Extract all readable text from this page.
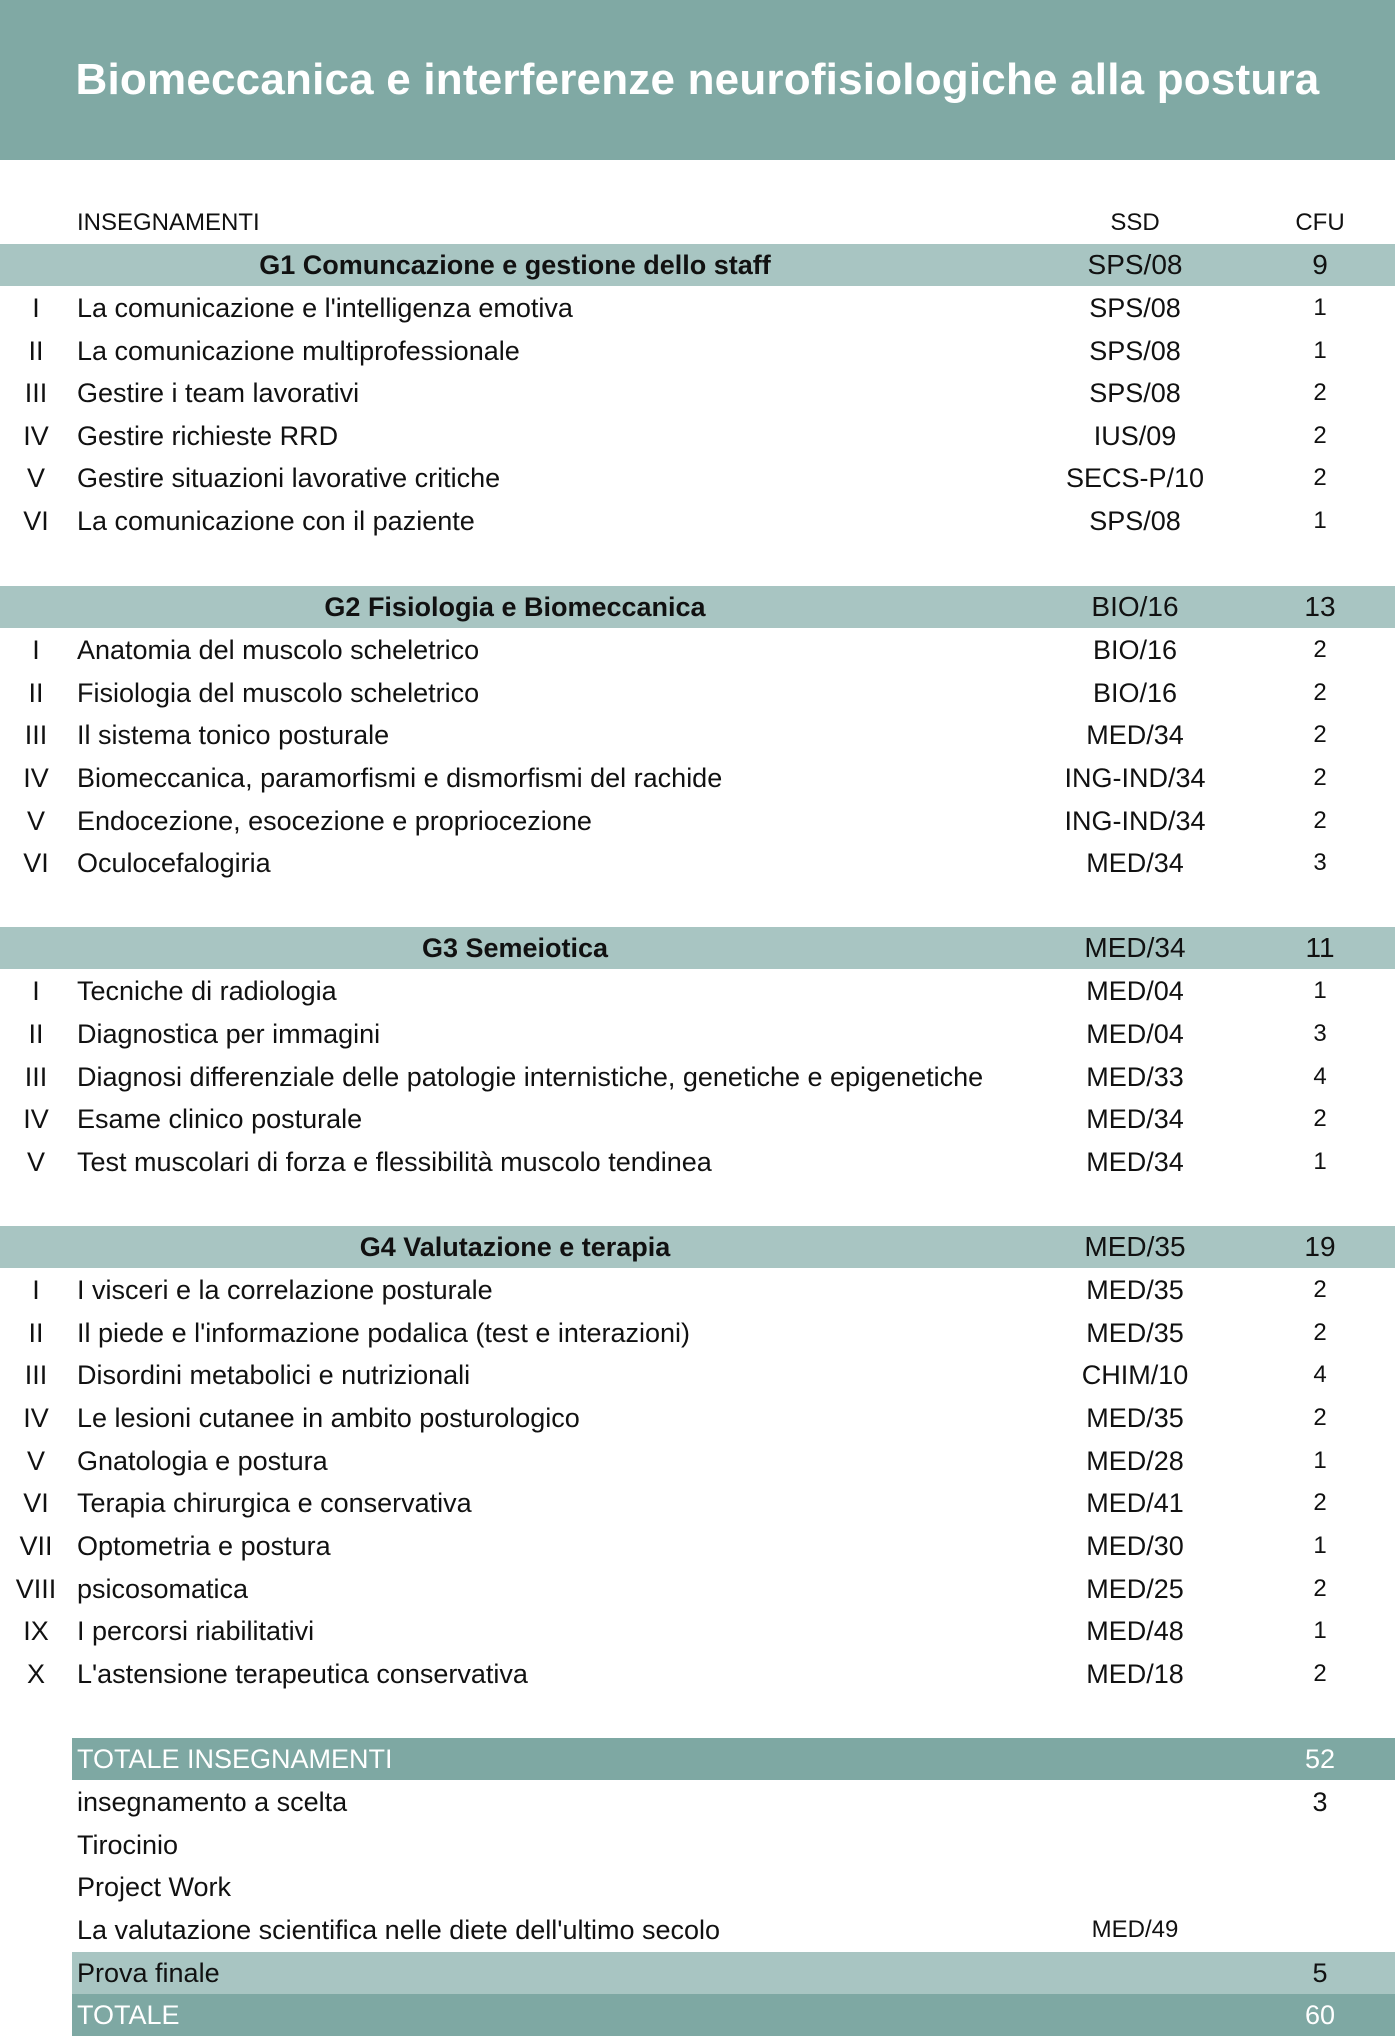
Biomeccanica e interferenze neurofisiologiche alla postura
INSEGNAMENTI	SSD	CFU
G1 Comuncazione e gestione dello staff	SPS/08	9
I	La comunicazione e l'intelligenza emotiva	SPS/08	1
II	La comunicazione multiprofessionale	SPS/08	1
III	Gestire i team lavorativi	SPS/08	2
IV	Gestire richieste RRD	IUS/09	2
V	Gestire situazioni lavorative critiche	SECS-P/10	2
VI	La comunicazione con il paziente	SPS/08	1
G2 Fisiologia e Biomeccanica	BIO/16	13
I	Anatomia del muscolo scheletrico	BIO/16	2
II	Fisiologia del muscolo scheletrico	BIO/16	2
III	Il sistema tonico posturale	MED/34	2
IV	Biomeccanica, paramorfismi e dismorfismi del rachide	ING-IND/34	2
V	Endocezione, esocezione e propriocezione	ING-IND/34	2
VI	Oculocefalogiria	MED/34	3
G3 Semeiotica	MED/34	11
I	Tecniche di radiologia	MED/04	1
II	Diagnostica per immagini	MED/04	3
III	Diagnosi differenziale delle patologie internistiche, genetiche e epigenetiche	MED/33	4
IV	Esame clinico posturale	MED/34	2
V	Test muscolari di forza e flessibilità muscolo tendinea	MED/34	1
G4 Valutazione e terapia	MED/35	19
I	I visceri e la correlazione posturale	MED/35	2
II	Il piede e l'informazione podalica (test e interazioni)	MED/35	2
III	Disordini metabolici e nutrizionali	CHIM/10	4
IV	Le lesioni cutanee in ambito posturologico	MED/35	2
V	Gnatologia e postura	MED/28	1
VI	Terapia chirurgica e conservativa	MED/41	2
VII Optometria e postura	MED/30	1
VIII psicosomatica	MED/25	2
IX	I percorsi riabilitativi	MED/48	1
X	L'astensione terapeutica conservativa	MED/18	2
TOTALE INSEGNAMENTI	52
insegnamento a scelta	3
Tirocinio
Project Work
La valutazione scientifica nelle diete dell'ultimo secolo	MED/49
Prova finale	5
TOTALE	60
